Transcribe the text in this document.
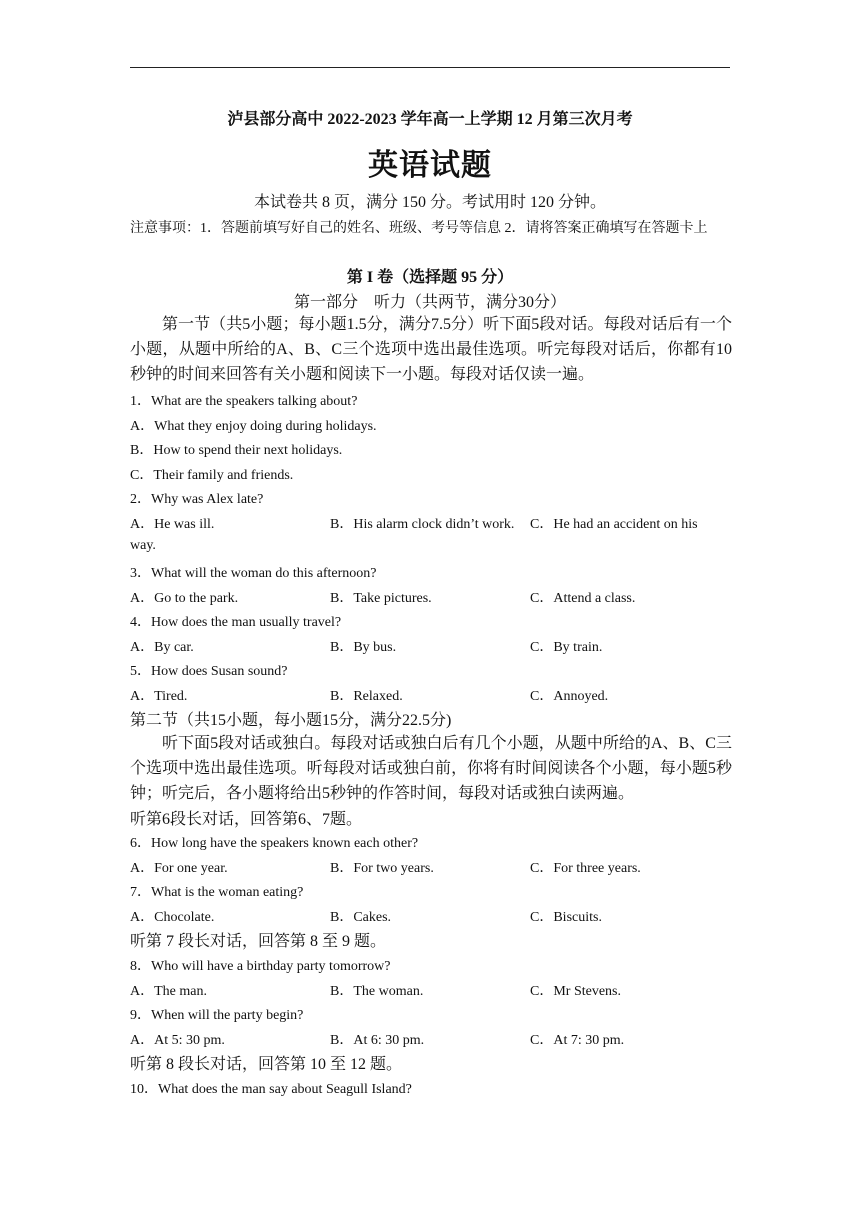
泸县部分高中 2022-2023 学年高一上学期 12 月第三次月考
英语试题
本试卷共 8 页，满分 150 分。考试用时 120 分钟。
注意事项：1．答题前填写好自己的姓名、班级、考号等信息 2．请将答案正确填写在答题卡上
第 I 卷（选择题 95 分）
第一部分　听力（共两节，满分30分）
第一节（共5小题；每小题1.5分，满分7.5分）听下面5段对话。每段对话后有一个小题，从题中所给的A、B、C三个选项中选出最佳选项。听完每段对话后，你都有10秒钟的时间来回答有关小题和阅读下一小题。每段对话仅读一遍。
1．What are the speakers talking about?
A．What they enjoy doing during holidays.
B．How to spend their next holidays.
C．Their family and friends.
2．Why was Alex late?
A．He was ill.	B．His alarm clock didn’t work. C．He had an accident on his
way.
3．What will the woman do this afternoon?
A．Go to the park.	B．Take pictures.	C．Attend a class.
4．How does the man usually travel?
A．By car.	B．By bus.	C．By train.
5．How does Susan sound?
A．Tired.	B．Relaxed.	C．Annoyed.
第二节（共15小题，每小题15分，满分22.5分)
听下面5段对话或独白。每段对话或独白后有几个小题，从题中所给的A、B、C三个选项中选出最佳选项。听每段对话或独白前，你将有时间阅读各个小题，每小题5秒钟；听完后，各小题将给出5秒钟的作答时间，每段对话或独白读两遍。
听第6段长对话，回答第6、7题。
6．How long have the speakers known each other?
A．For one year.	B．For two years.	C．For three years.
7．What is the woman eating?
A．Chocolate.	B．Cakes.	C．Biscuits.
听第 7 段长对话，回答第 8 至 9 题。
8．Who will have a birthday party tomorrow?
A．The man.	B．The woman.	C．Mr Stevens.
9．When will the party begin?
A．At 5: 30 pm.	B．At 6: 30 pm.	C．At 7: 30 pm.
听第 8 段长对话，回答第 10 至 12 题。
10．What does the man say about Seagull Island?
